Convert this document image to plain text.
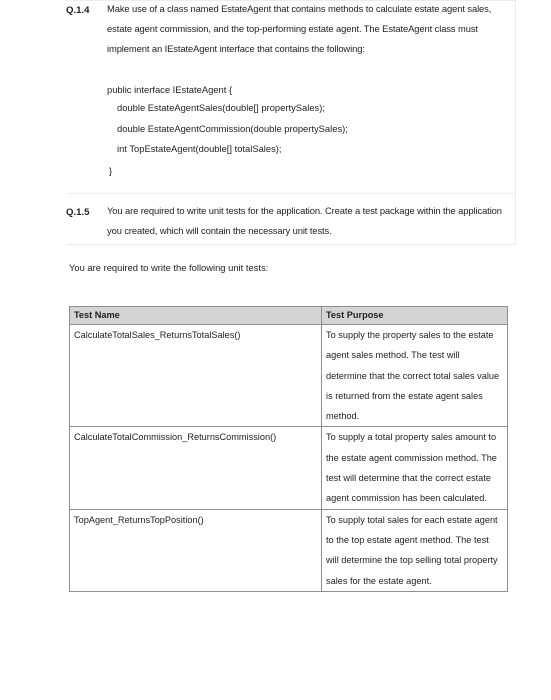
Q.1.4 Make use of a class named EstateAgent that contains methods to calculate estate agent sales, estate agent commission, and the top-performing estate agent. The EstateAgent class must implement an IEstateAgent interface that contains the following:
public interface IEstateAgent {
double EstateAgentSales(double[] propertySales);
double EstateAgentCommission(double propertySales);
int TopEstateAgent(double[] totalSales);
}
Q.1.5 You are required to write unit tests for the application. Create a test package within the application you created, which will contain the necessary unit tests.
You are required to write the following unit tests:
Test Name	Test Purpose
CalculateTotalSales_ReturnsTotalSales()	To supply the property sales to the estate agent sales method. The test will determine that the correct total sales value is returned from the estate agent sales method.
CalculateTotalCommission_ReturnsCommission()	To supply a total property sales amount to the estate agent commission method. The test will determine that the correct estate agent commission has been calculated.
TopAgent_ReturnsTopPosition()	To supply total sales for each estate agent to the top estate agent method. The test will determine the top selling total property sales for the estate agent.
